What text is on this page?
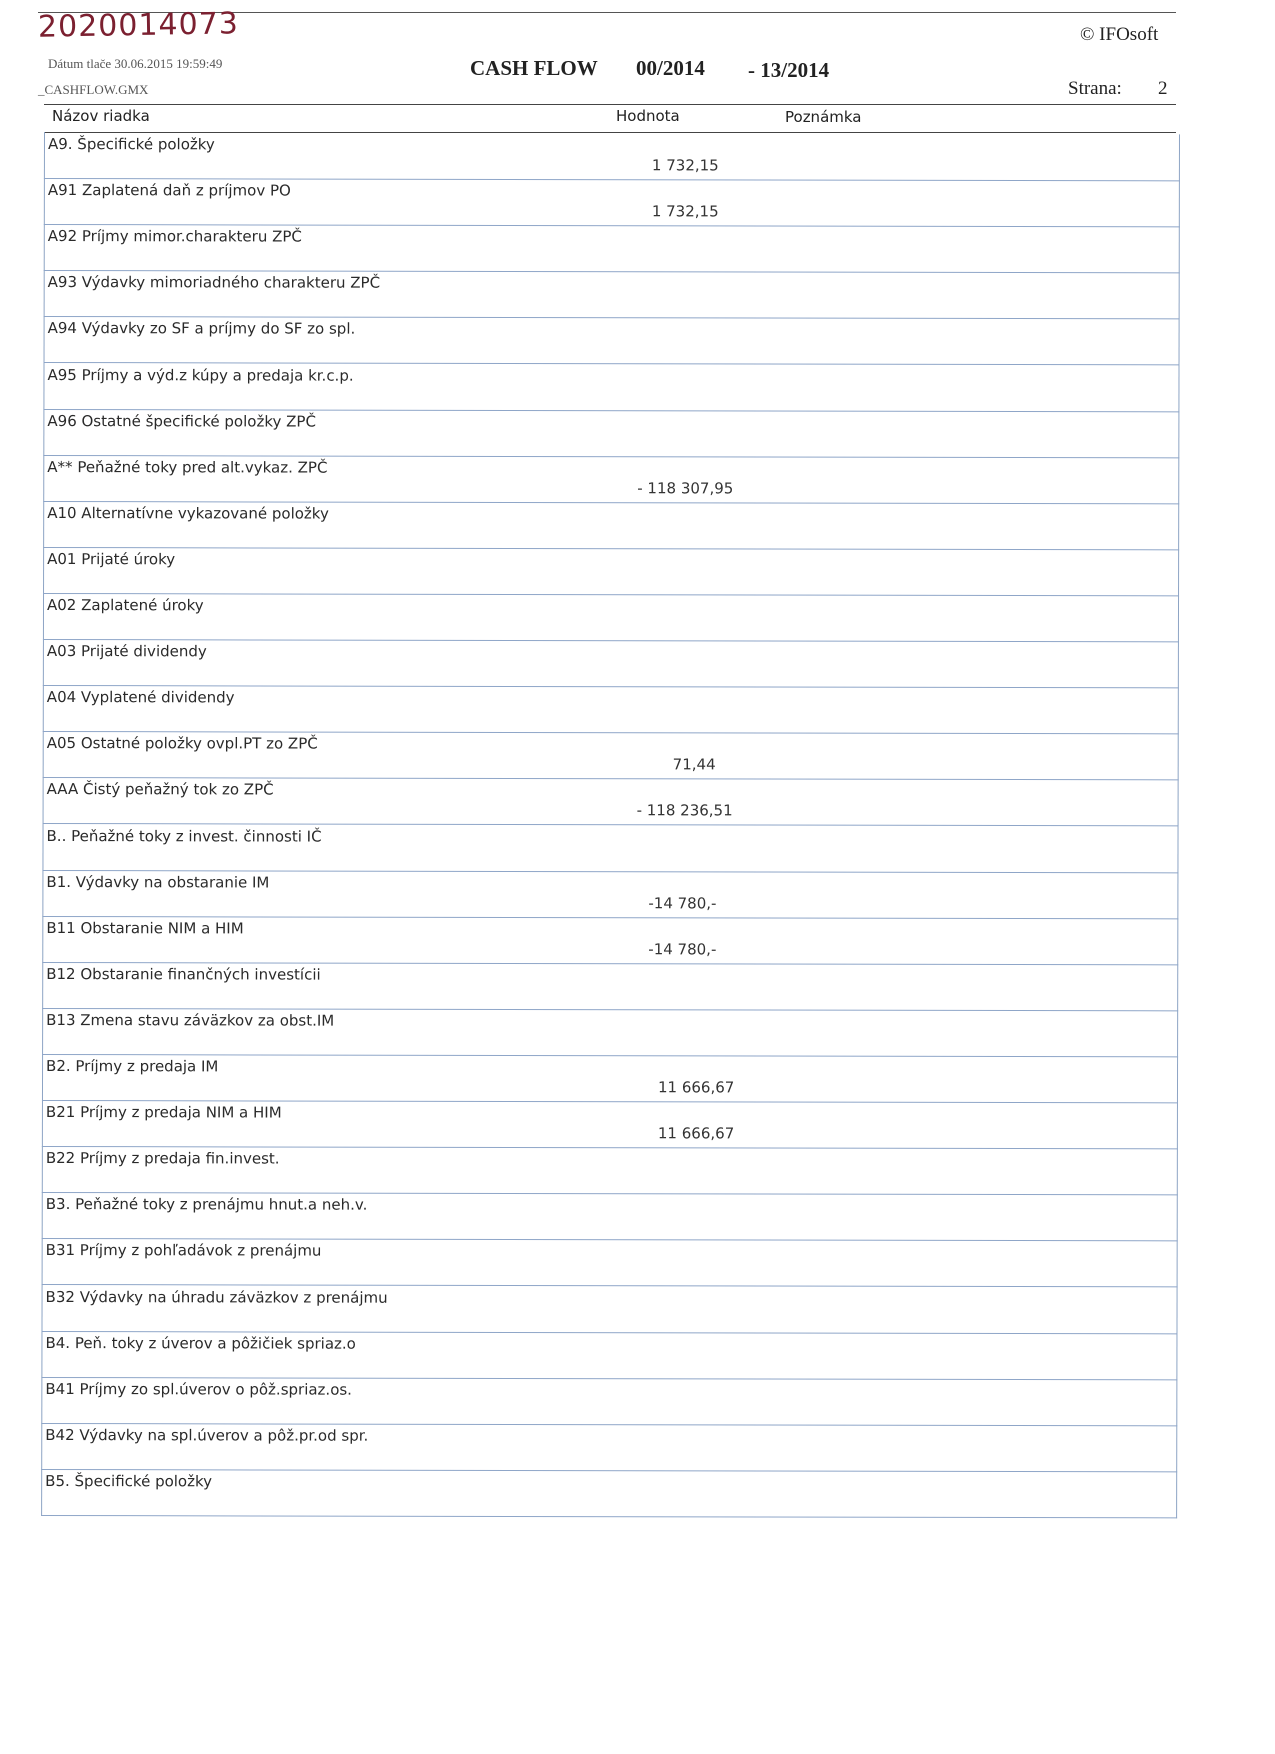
2020014073
Dátum tlače 30.06.2015 19:59:49
_CASHFLOW.GMX
CASH FLOW 00/2014 - 13/2014
© IFOsoft
Strana: 2
Názov riadka	Hodnota	Poznámka
A9. Špecifické položky
1 732,15
A91 Zaplatená daň z príjmov PO
1 732,15
A92 Príjmy mimor.charakteru ZPČ
A93 Výdavky mimoriadného charakteru ZPČ
A94 Výdavky zo SF a príjmy do SF zo spl.
A95 Príjmy a výd.z kúpy a predaja kr.c.p.
A96 Ostatné špecifické položky ZPČ
A** Peňažné toky pred alt.vykaz. ZPČ
- 118 307,95
A10 Alternatívne vykazované položky
A01 Prijaté úroky
A02 Zaplatené úroky
A03 Prijaté dividendy
A04 Vyplatené dividendy
A05 Ostatné položky ovpl.PT zo ZPČ
71,44
AAA Čistý peňažný tok zo ZPČ
- 118 236,51
B.. Peňažné toky z invest. činnosti IČ
B1. Výdavky na obstaranie IM
-14 780,-
B11 Obstaranie NIM a HIM
-14 780,-
B12 Obstaranie finančných investícii
B13 Zmena stavu záväzkov za obst.IM
B2. Príjmy z predaja IM
11 666,67
B21 Príjmy z predaja NIM a HIM
11 666,67
B22 Príjmy z predaja fin.invest.
B3. Peňažné toky z prenájmu hnut.a neh.v.
B31 Príjmy z pohľadávok z prenájmu
B32 Výdavky na úhradu záväzkov z prenájmu
B4. Peň. toky z úverov a pôžičiek spriaz.o
B41 Príjmy zo spl.úverov o pôž.spriaz.os.
B42 Výdavky na spl.úverov a pôž.pr.od spr.
B5. Špecifické položky
